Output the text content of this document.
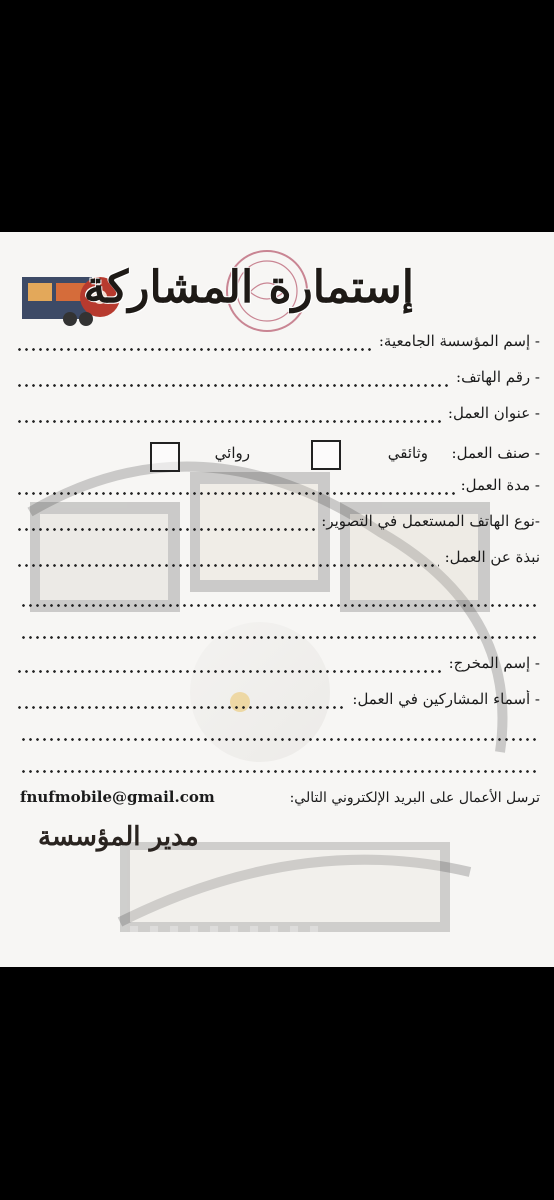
إستمارة المشاركة
- إسم المؤسسة الجامعية:
- رقم الهاتف:
- عنوان العمل:
- صنف العمل:
وثائقي
روائي
- مدة العمل:
-نوع الهاتف المستعمل في التصوير:
نبذة عن العمل:
- إسم المخرج:
- أسماء المشاركين في العمل:
fnufmobile@gmail.com	ترسل الأعمال على البريد الإلكتروني التالي:
مدير المؤسسة
